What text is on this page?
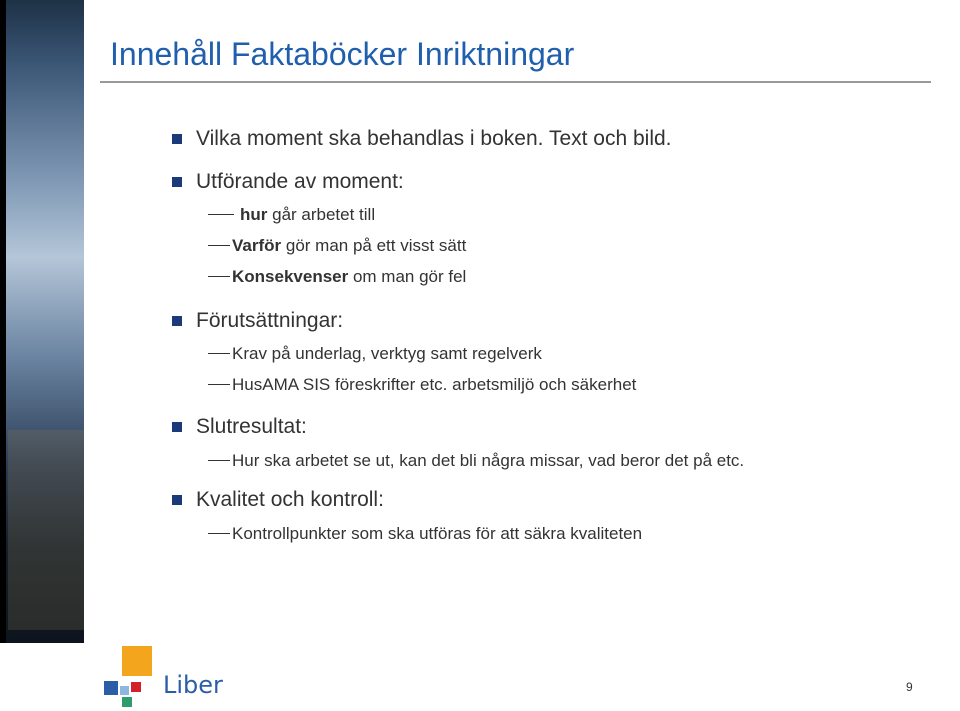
Innehåll Faktaböcker Inriktningar
Vilka moment ska behandlas i boken. Text och bild.
Utförande av moment:
hur går arbetet till
Varför gör man på ett visst sätt
Konsekvenser om man gör fel
Förutsättningar:
Krav på underlag, verktyg samt regelverk
HusAMA SIS föreskrifter etc. arbetsmiljö och säkerhet
Slutresultat:
Hur ska arbetet se ut, kan det bli några missar, vad beror det på etc.
Kvalitet och kontroll:
Kontrollpunkter som ska utföras för att säkra kvaliteten
Liber	9
